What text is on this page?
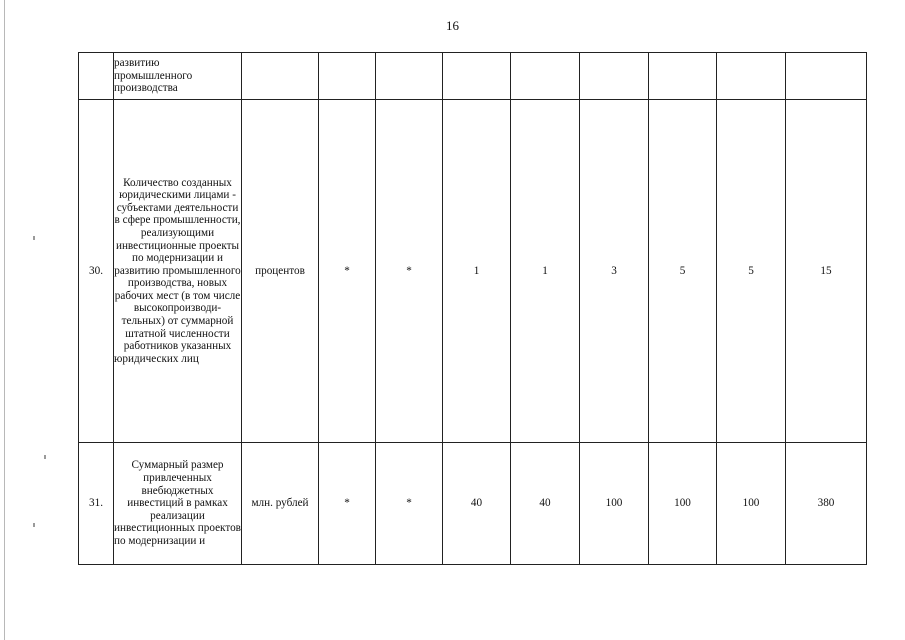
16

	развитию
промышленного
производства									

30.	Количество созданных юридическими лицами - субъектами деятельности в сфере промышленности, реализующими инвестиционные проекты по модернизации и развитию промышленного производства, новых рабочих мест (в том числе высокопроизводи-тельных) от суммарной штатной численности работников указанных юридических лиц	процентов	*	*	1	1	3	5	5	15
31.	Суммарный размер привлеченных внебюджетных инвестиций в рамках реализации инвестиционных проектов по модернизации и	млн. рублей	*	*	40	40	100	100	100	380
